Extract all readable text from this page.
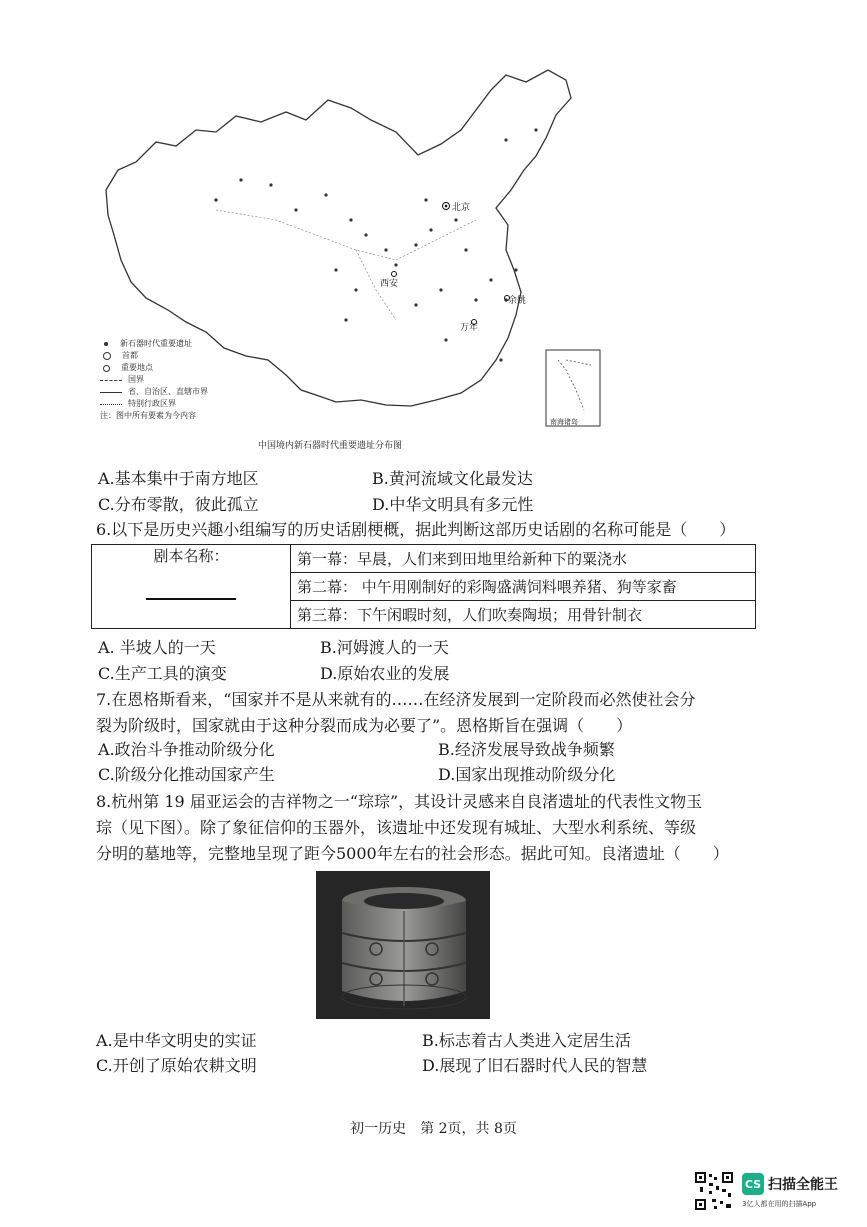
北京
西安
余姚
万年
南海诸岛
新石器时代重要遗址
首都
重要地点
国界
省、自治区、直辖市界
特别行政区界
注：图中所有要素为今内容
中国境内新石器时代重要遗址分布图
A.基本集中于南方地区	B.黄河流域文化最发达
C.分布零散，彼此孤立	D.中华文明具有多元性
6.以下是历史兴趣小组编写的历史话剧梗概，据此判断这部历史话剧的名称可能是（　　）
剧本名称：	第一幕：早晨，人们来到田地里给新种下的粟浇水
第二幕： 中午用刚制好的彩陶盛满饲料喂养猪、狗等家畜
第三幕：下午闲暇时刻，人们吹奏陶埙；用骨针制衣
A. 半坡人的一天	B.河姆渡人的一天
C.生产工具的演变	D.原始农业的发展
7.在恩格斯看来，“国家并不是从来就有的……在经济发展到一定阶段而必然使社会分
裂为阶级时，国家就由于这种分裂而成为必要了”。恩格斯旨在强调（　　）
A.政治斗争推动阶级分化	B.经济发展导致战争频繁
C.阶级分化推动国家产生	D.国家出现推动阶级分化
8.杭州第 19 届亚运会的吉祥物之一“琮琮”，其设计灵感来自良渚遗址的代表性文物玉
琮（见下图）。除了象征信仰的玉器外，该遗址中还发现有城址、大型水利系统、等级
分明的墓地等，完整地呈现了距今5000年左右的社会形态。据此可知。良渚遗址（　　）
A.是中华文明史的实证	B.标志着古人类进入定居生活
C.开创了原始农耕文明	D.展现了旧石器时代人民的智慧
初一历史　第 2页，共 8页
CS 扫描全能王
3亿人都在用的扫描App
